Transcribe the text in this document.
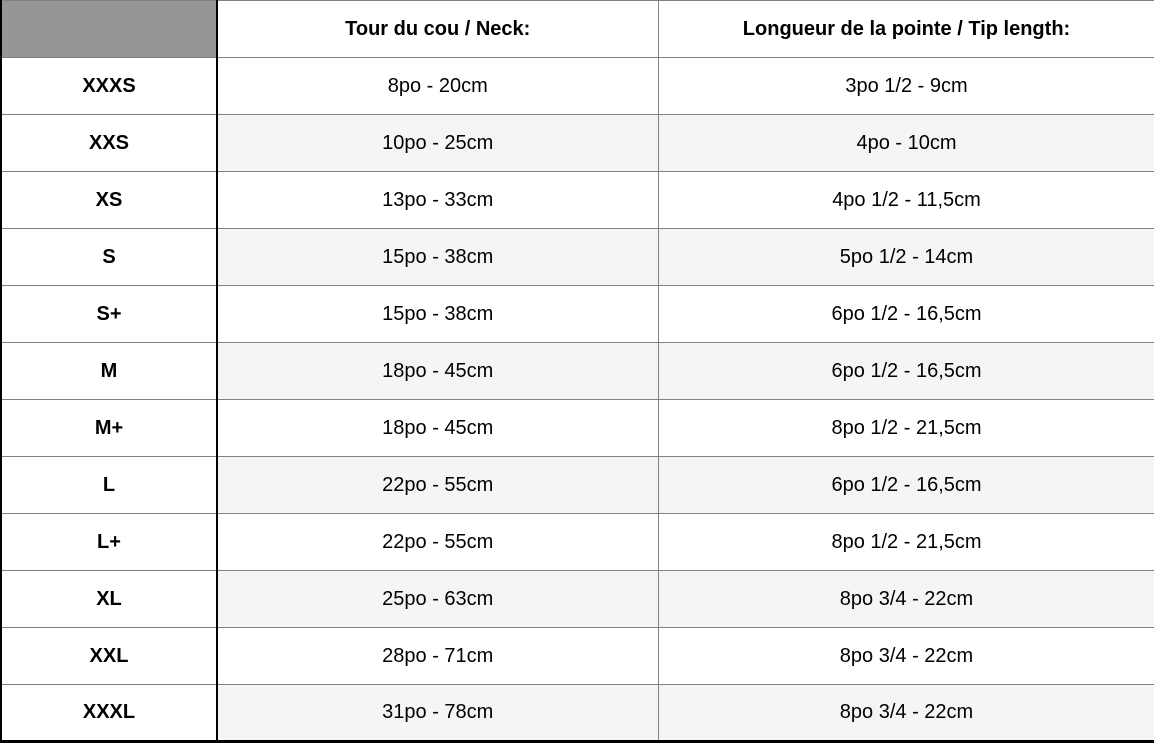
	Tour du cou / Neck:	Longueur de la pointe / Tip length:
XXXS	8po - 20cm	3po 1/2 - 9cm
XXS	10po - 25cm	4po - 10cm
XS	13po - 33cm	4po 1/2 - 11,5cm
S	15po - 38cm	5po 1/2 - 14cm
S+	15po - 38cm	6po 1/2 - 16,5cm
M	18po - 45cm	6po 1/2 - 16,5cm
M+	18po - 45cm	8po 1/2 - 21,5cm
L	22po - 55cm	6po 1/2 - 16,5cm
L+	22po - 55cm	8po 1/2 - 21,5cm
XL	25po - 63cm	8po 3/4 - 22cm
XXL	28po - 71cm	8po 3/4 - 22cm
XXXL	31po - 78cm	8po 3/4 - 22cm
